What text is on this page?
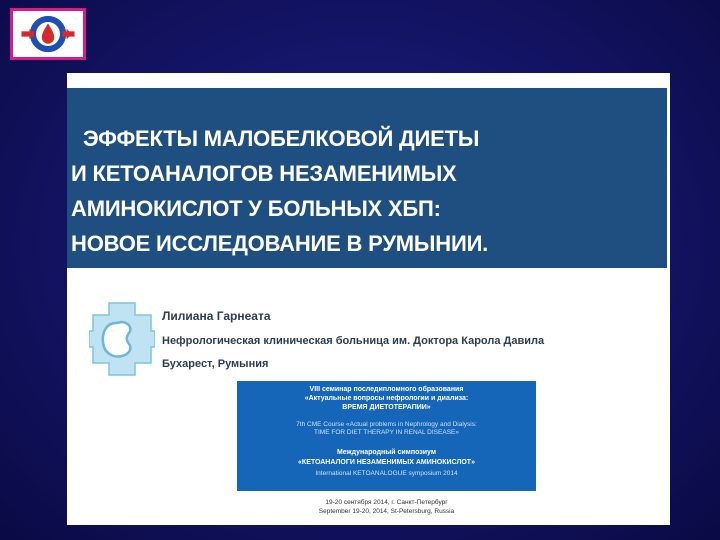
ЭФФЕКТЫ МАЛОБЕЛКОВОЙ ДИЕТЫ
И КЕТОАНАЛОГОВ НЕЗАМЕНИМЫХ
АМИНОКИСЛОТ У БОЛЬНЫХ ХБП:
НОВОЕ ИССЛЕДОВАНИЕ В РУМЫНИИ.
Лилиана Гарнеата
Нефрологическая клиническая больница им. Доктора Карола Давила
Бухарест, Румыния
VIII семинар последипломного образования
«Актуальные вопросы нефрологии и диализа:
ВРЕМЯ ДИЕТОТЕРАПИИ»
7th CME Course «Actual problems in Nephrology and Dialysis:
TIME FOR DIET THERAPY IN RENAL DISEASE»
Международный симпозиум
«КЕТОАНАЛОГИ НЕЗАМЕНИМЫХ АМИНОКИСЛОТ»
International KETOANALOGUE symposium 2014
19-20 сентября 2014, г. Санкт-Петербург
September 19-20, 2014, St-Petersburg, Russia
